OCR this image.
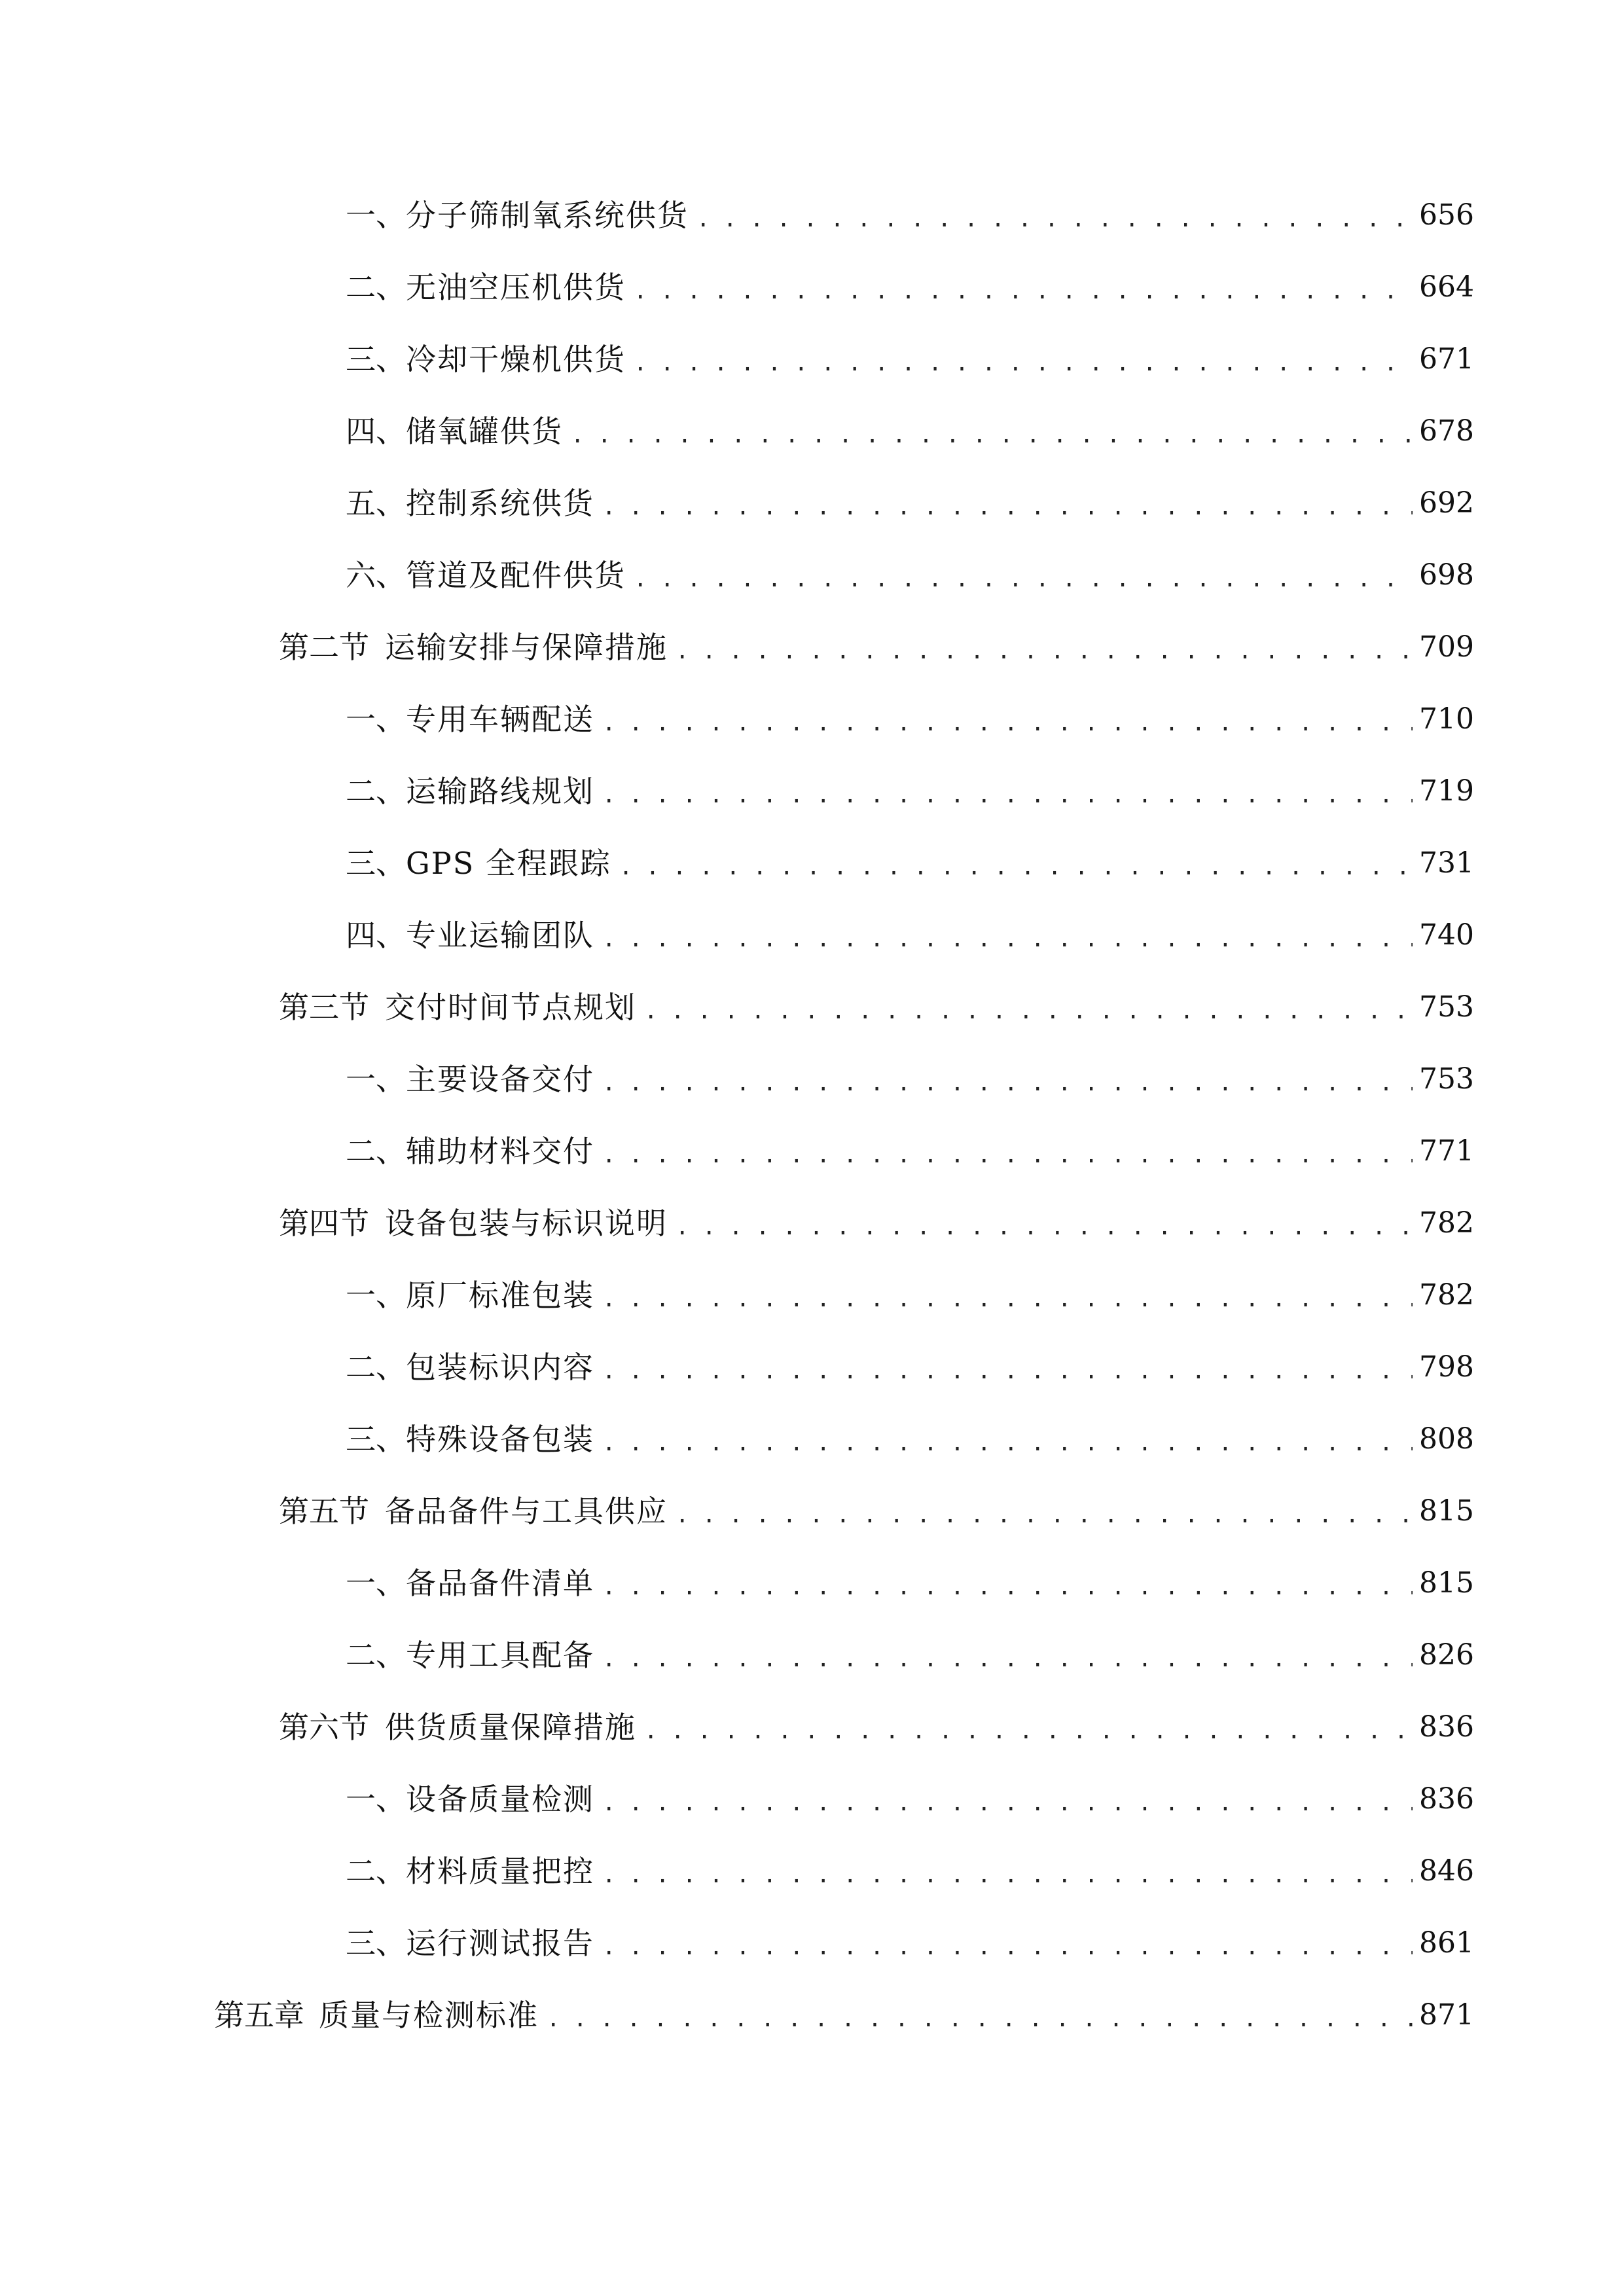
一、 分子筛制氧系统供货 . . .	656
二、 无油空压机供货 . . .	664
三、 冷却干燥机供货 . . .	671
四、 储氧罐供货 . . .	678
五、 控制系统供货 . . .	692
六、 管道及配件供货 . . .	698
第二节 运输安排与保障措施 . . .	709
一、 专用车辆配送 . . .	710
二、 运输路线规划 . . .	719
三、 GPS 全程跟踪 . . .	731
四、 专业运输团队 . . .	740
第三节 交付时间节点规划 . . .	753
一、 主要设备交付 . . .	753
二、 辅助材料交付 . . .	771
第四节 设备包装与标识说明 . . .	782
一、 原厂标准包装 . . .	782
二、 包装标识内容 . . .	798
三、 特殊设备包装 . . .	808
第五节 备品备件与工具供应 . . .	815
一、 备品备件清单 . . .	815
二、 专用工具配备 . . .	826
第六节 供货质量保障措施 . . .	836
一、 设备质量检测 . . .	836
二、 材料质量把控 . . .	846
三、 运行测试报告 . . .	861
第五章 质量与检测标准 . . .	871
